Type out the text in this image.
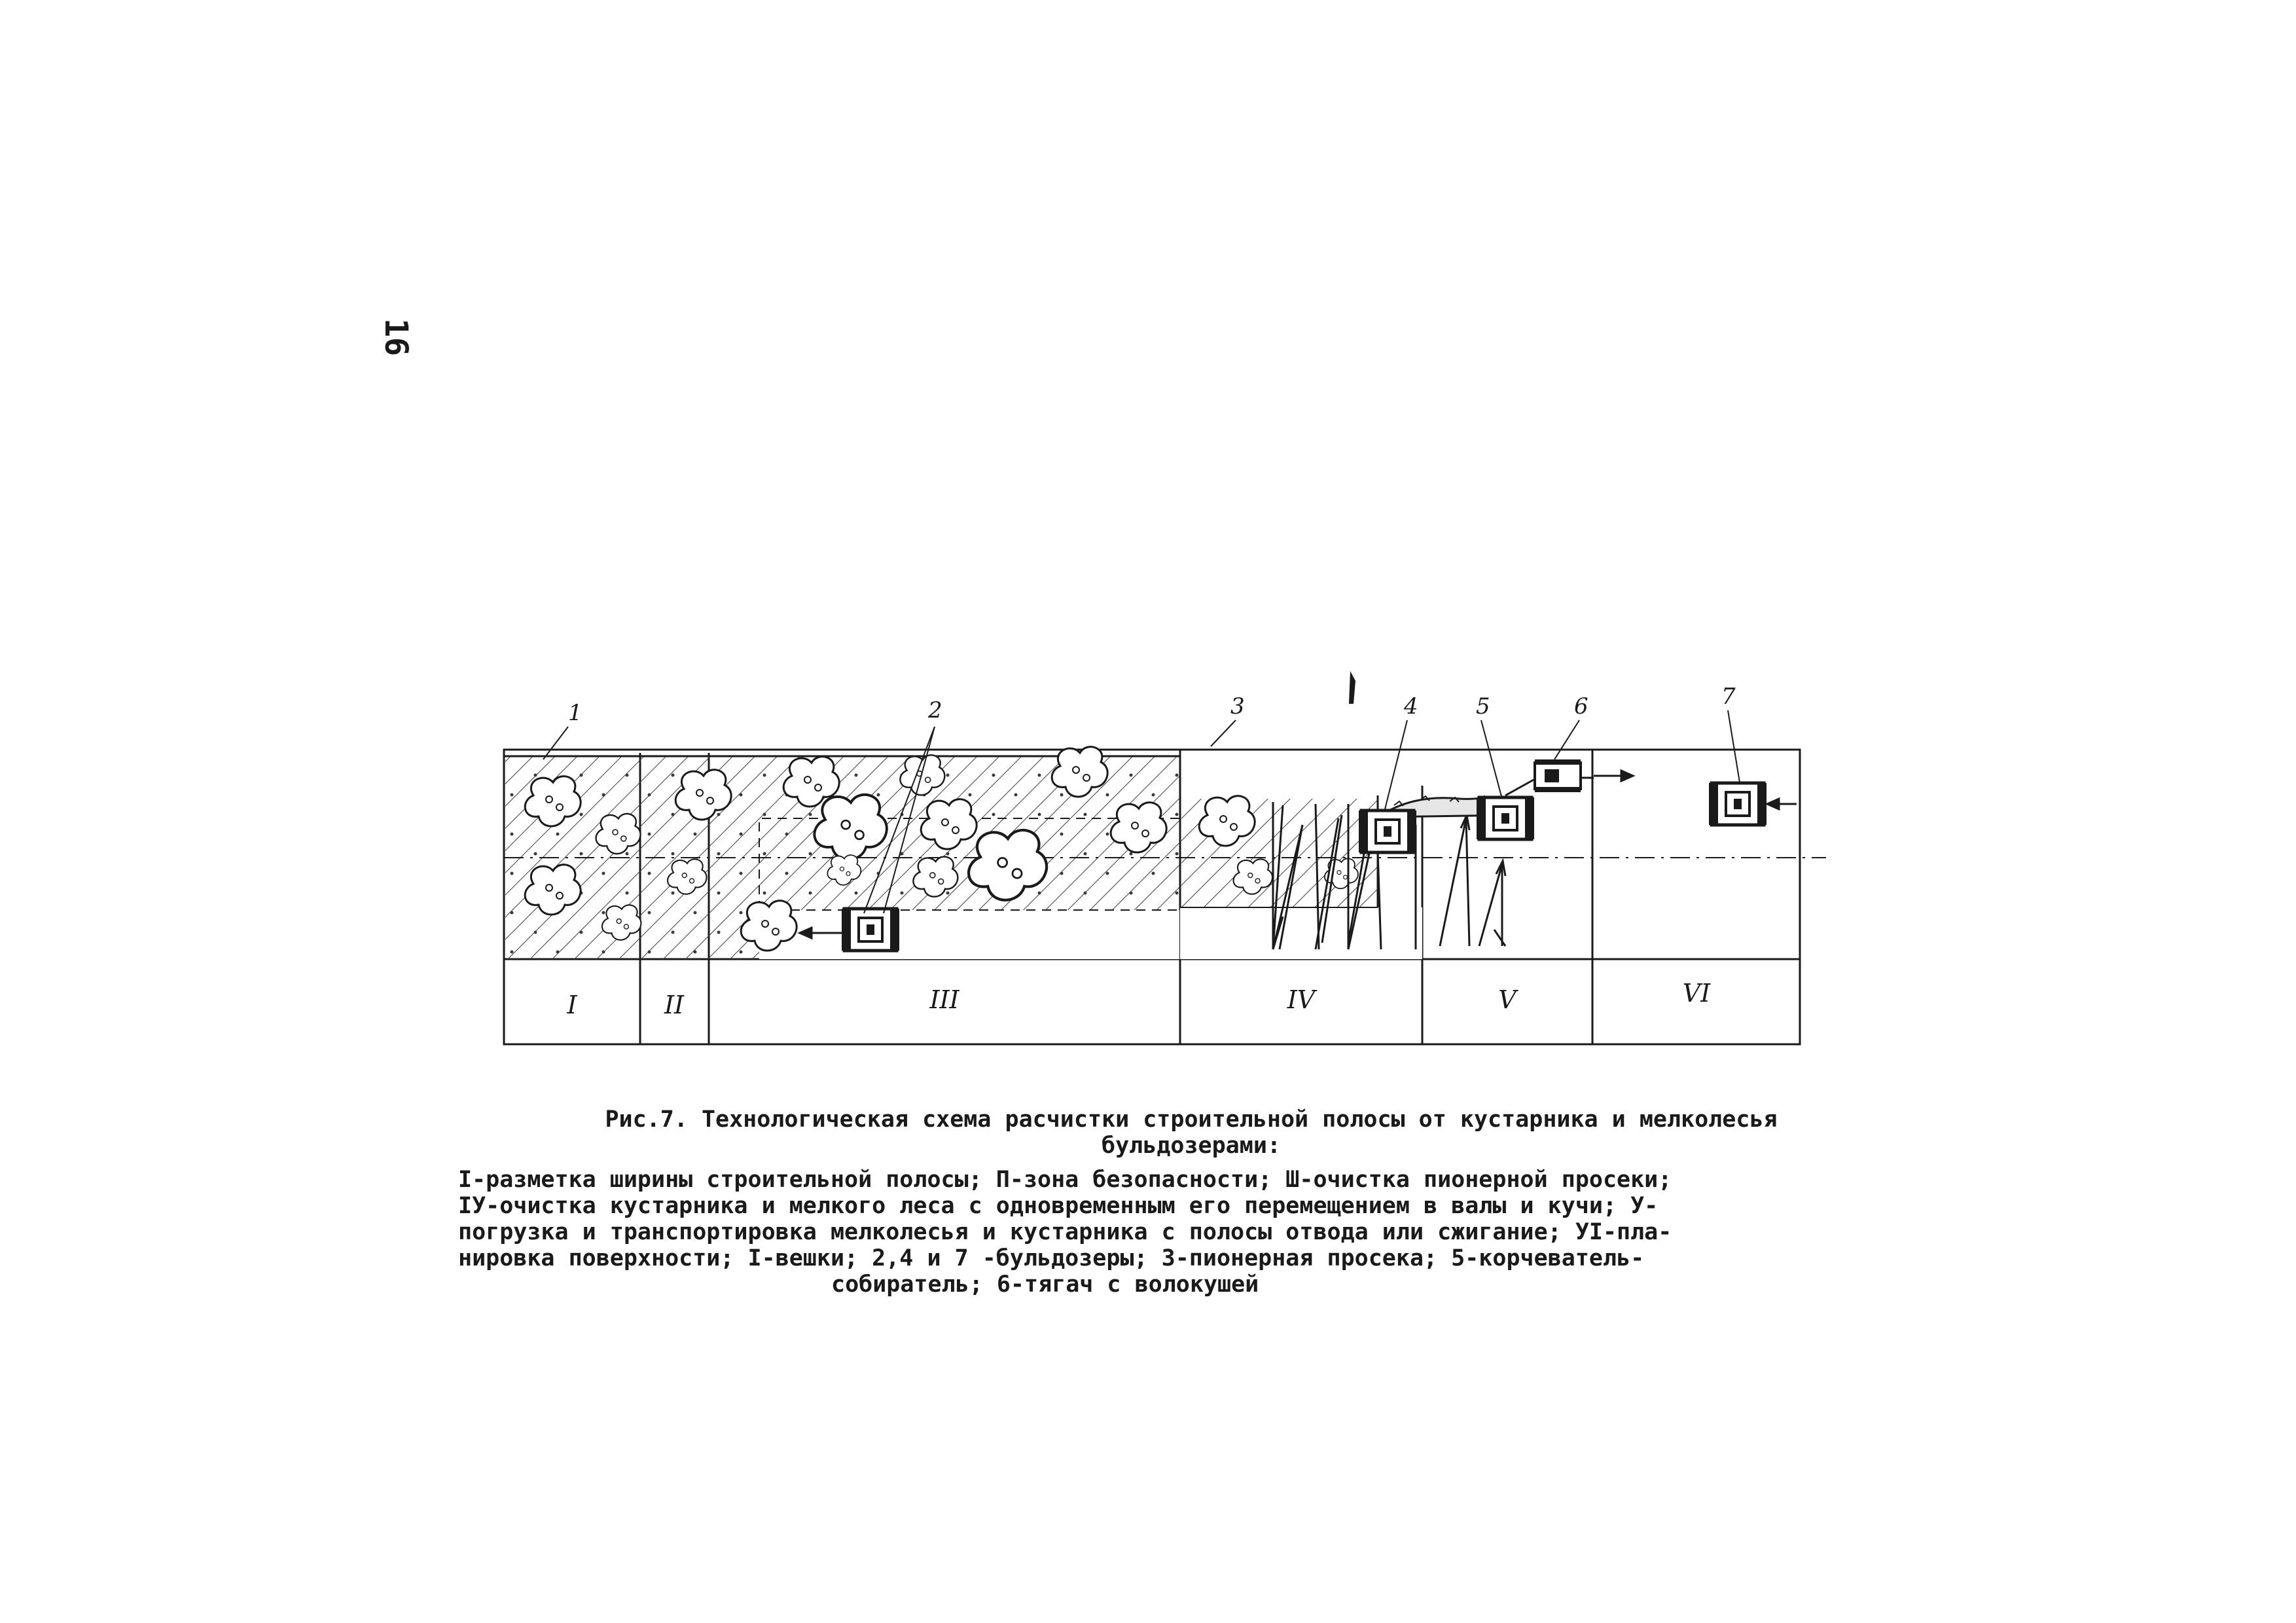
16
1	2	3	4	5	6	7
I	II	III	IV	V	VI
Рис.7. Технологическая схема расчистки строительной полосы от кустарника и мелколесья
бульдозерами:
I-разметка ширины строительной полосы; П-зона безопасности; Ш-очистка пионерной просеки;
IУ-очистка кустарника и мелкого леса с одновременным его перемещением в валы и кучи; У-
погрузка и транспортировка мелколесья и кустарника с полосы отвода или сжигание; УI-пла-
нировка поверхности; I-вешки; 2,4 и 7 -бульдозеры; 3-пионерная просека; 5-корчеватель-
собиратель; 6-тягач с волокушей
